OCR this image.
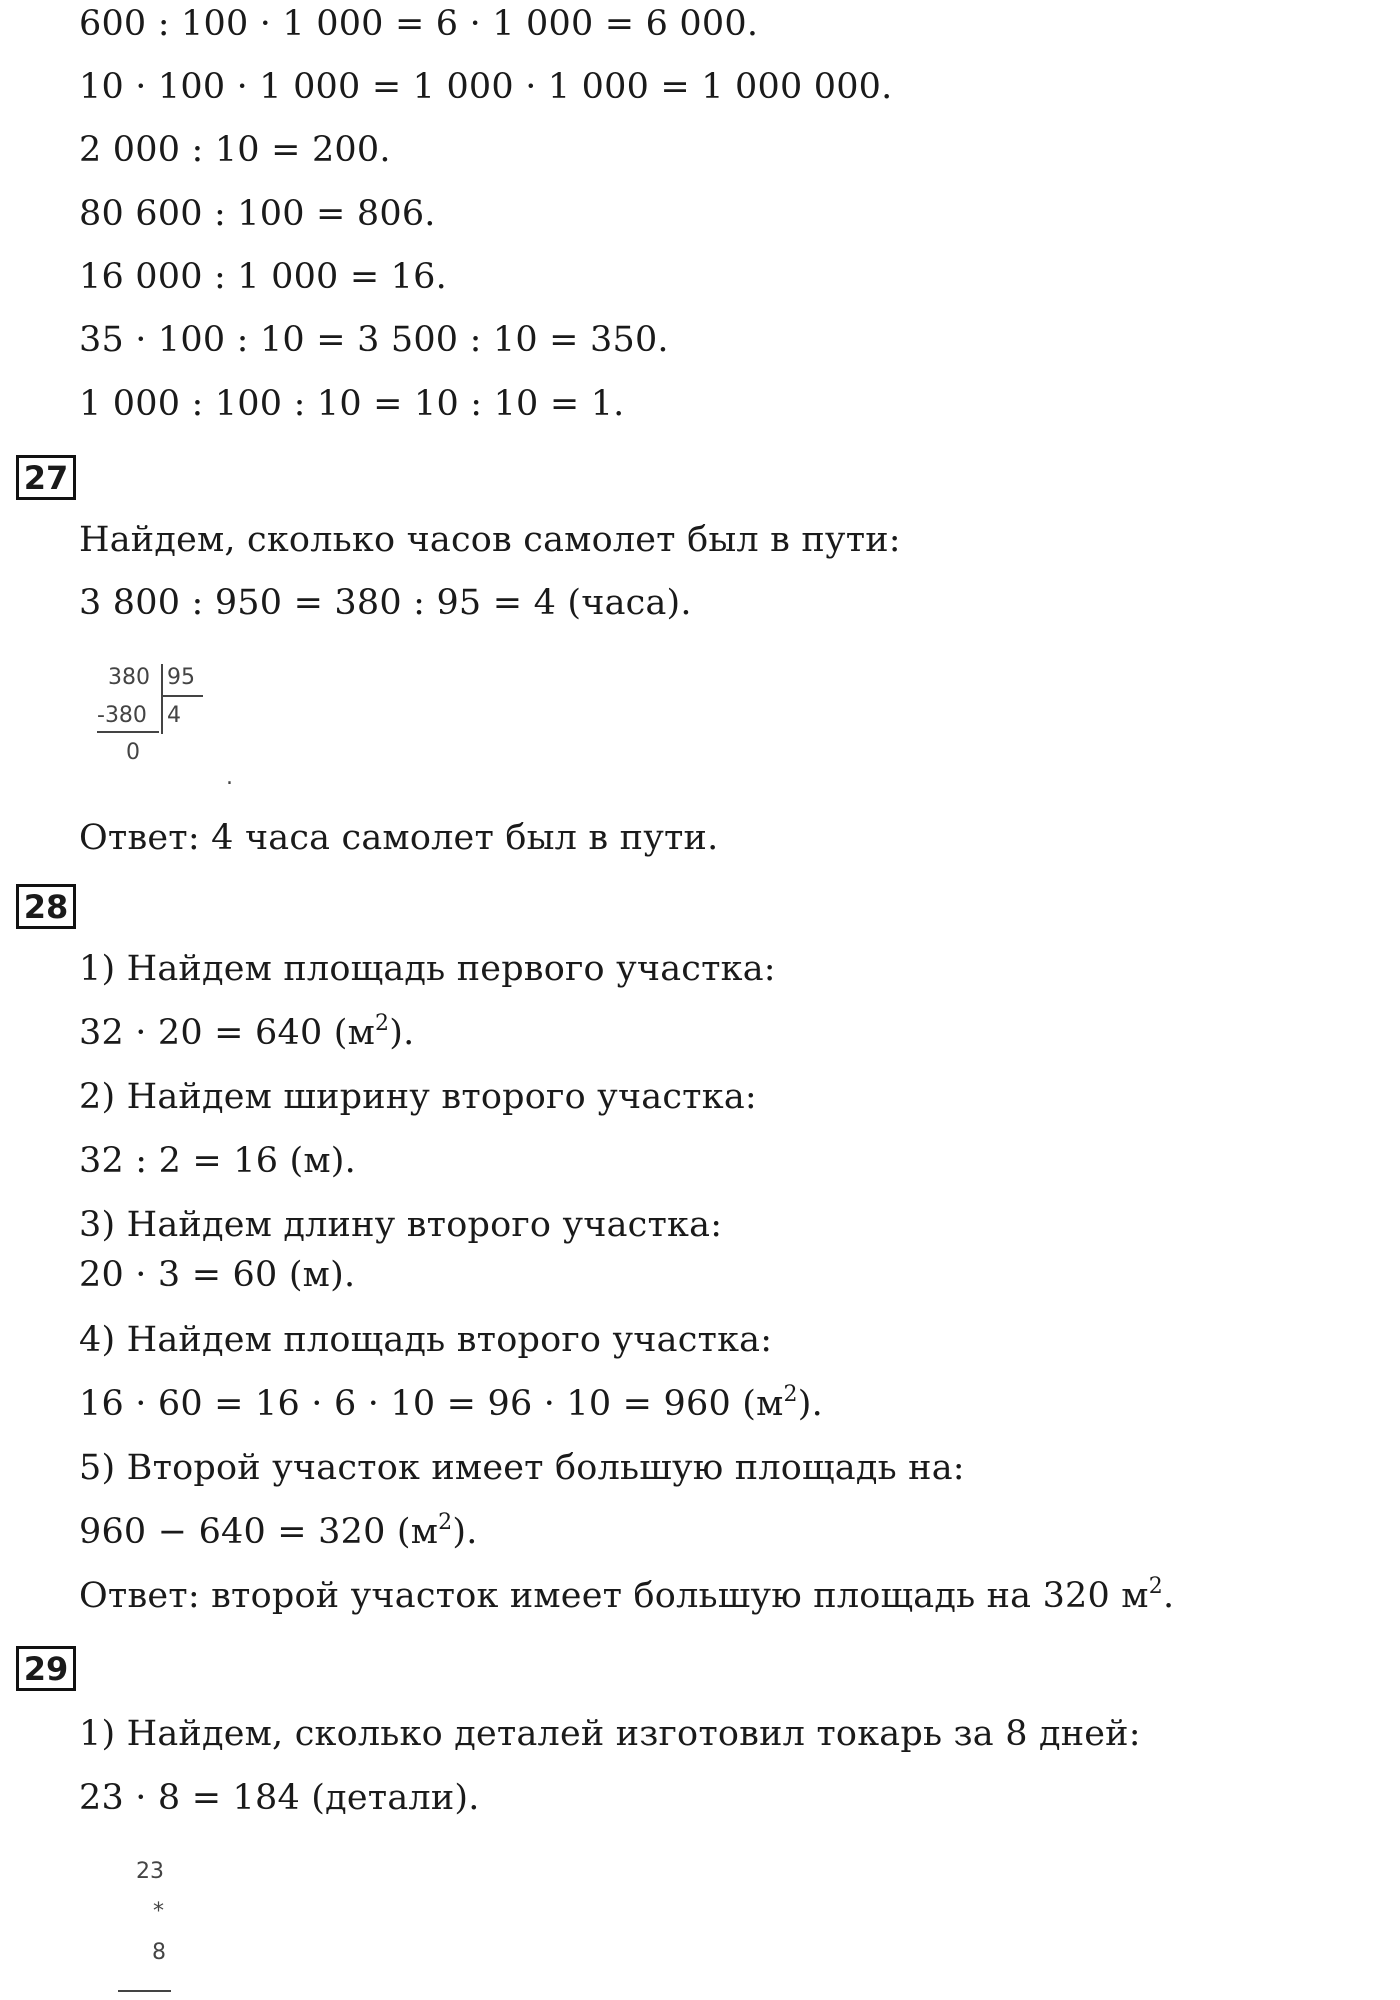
600 : 100 · 1 000 = 6 · 1 000 = 6 000.
10 · 100 · 1 000 = 1 000 · 1 000 = 1 000 000.
2 000 : 10 = 200.
80 600 : 100 = 806.
16 000 : 1 000 = 16.
35 · 100 : 10 = 3 500 : 10 = 350.
1 000 : 100 : 10 = 10 : 10 = 1.
27
Найдем, сколько часов самолет был в пути:
3 800 : 950 = 380 : 95 = 4 (часа).
380 95
-380 4
0
.
Ответ: 4 часа самолет был в пути.
28
1) Найдем площадь первого участка:
32 · 20 = 640 $(м^2)$.
2) Найдем ширину второго участка:
32 : 2 = 16 (м).
3) Найдем длину второго участка:
20 · 3 = 60 (м).
4) Найдем площадь второго участка:
16 · 60 = 16 · 6 · 10 = 96 · 10 = 960 $(м^2)$.
5) Второй участок имеет большую площадь на:
960 − 640 = 320 $(м^2)$.
Ответ: второй участок имеет большую площадь на 320 $м^2$.
29
1) Найдем, сколько деталей изготовил токарь за 8 дней:
23 · 8 = 184 (детали).
23
*
8
